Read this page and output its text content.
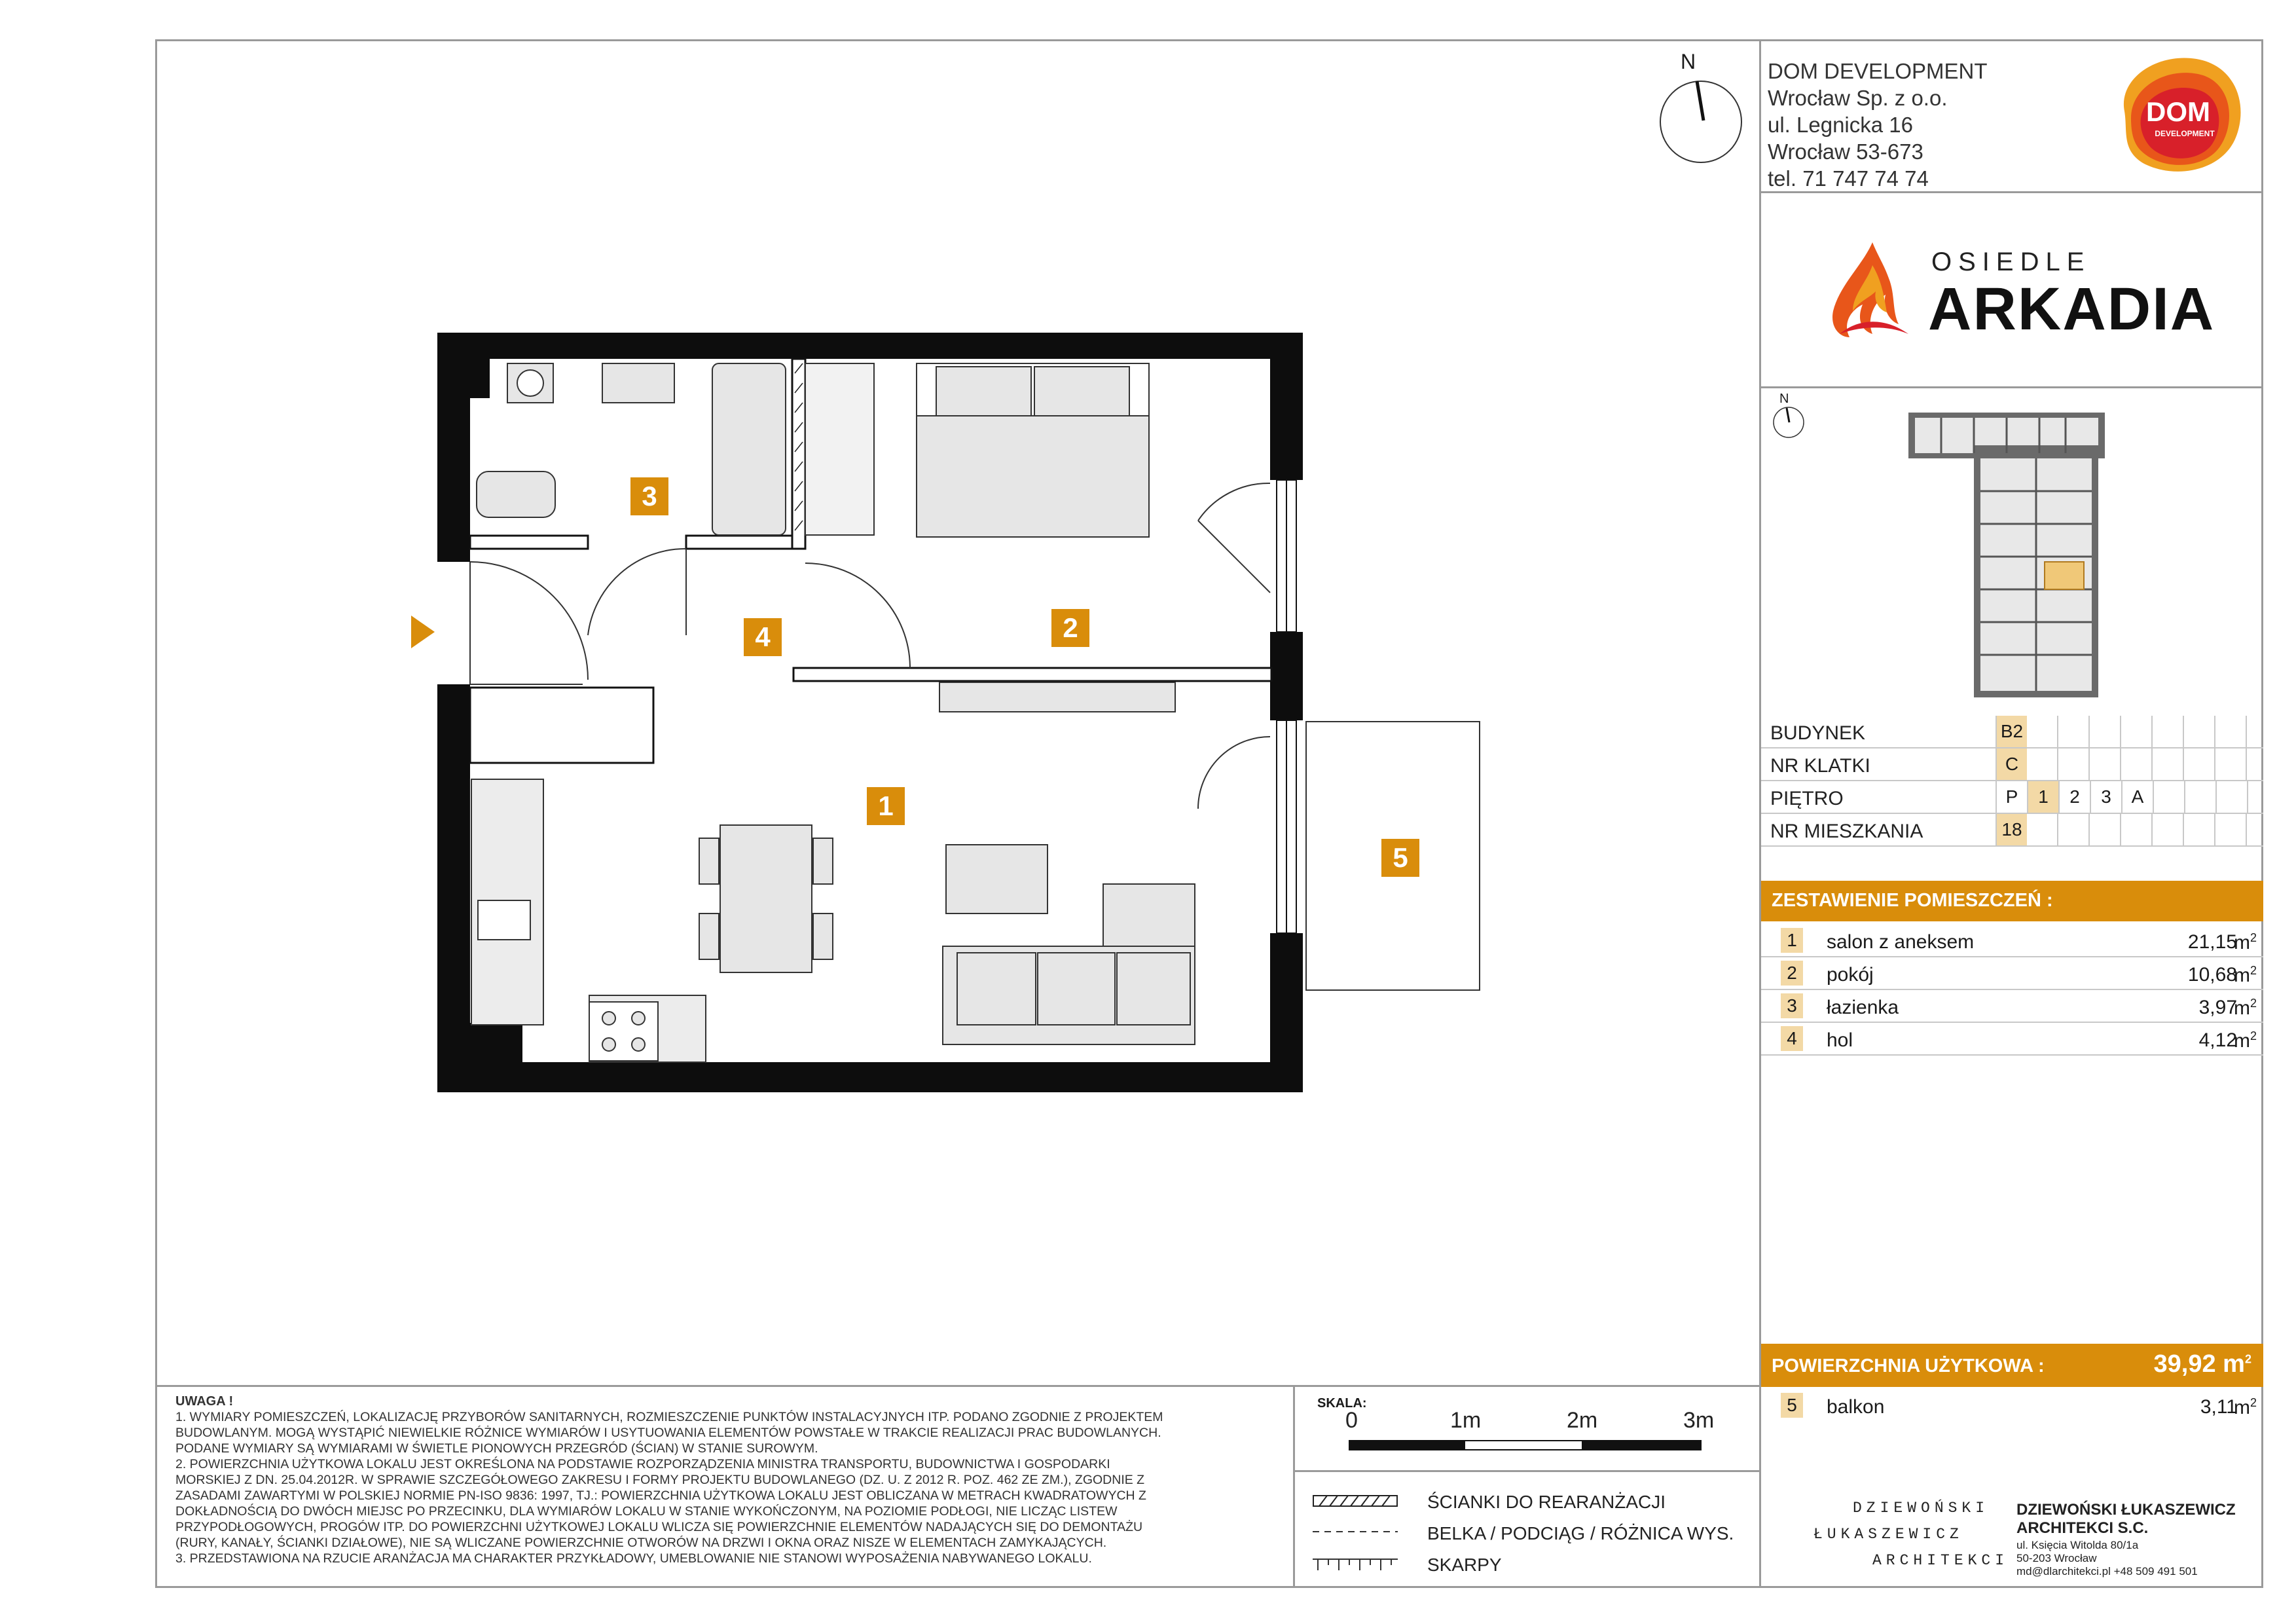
DOM DEVELOPMENT
Wrocław Sp. z o.o.
ul. Legnicka 16
Wrocław 53-673
tel. 71 747 74 74
DOM
DEVELOPMENT
OSIEDLE
ARKADIA
N
N
BUDYNEK	B2
NR KLATKI	C
PIĘTRO	P	1	2	3	A
NR MIESZKANIA	18
ZESTAWIENIE POMIESZCZEŃ :
1	salon z aneksem	21,15
$m^2$
2	pokój	10,68
$m^2$
3	łazienka	3,97
$m^2$
4	hol	4,12
$m^2$
POWIERZCHNIA UŻYTKOWA :	39,92 $m^2$
5	balkon	3,11
$m^2$
DZIEWOŃSKI
ŁUKASZEWICZ
ARCHITEKCI
DZIEWOŃSKI ŁUKASZEWICZ
ARCHITEKCI S.C.
ul. Księcia Witolda 80/1a
50-203 Wrocław
md@dlarchitekci.pl +48 509 491 501
UWAGA !
1. WYMIARY POMIESZCZEŃ, LOKALIZACJĘ PRZYBORÓW SANITARNYCH, ROZMIESZCZENIE PUNKTÓW INSTALACYJNYCH ITP. PODANO ZGODNIE Z PROJEKTEM
BUDOWLANYM. MOGĄ WYSTĄPIĆ NIEWIELKIE RÓŻNICE WYMIARÓW I USYTUOWANIA ELEMENTÓW POWSTAŁE W TRAKCIE REALIZACJI PRAC BUDOWLANYCH.
PODANE WYMIARY SĄ WYMIARAMI W ŚWIETLE PIONOWYCH PRZEGRÓD (ŚCIAN) W STANIE SUROWYM.
2. POWIERZCHNIA UŻYTKOWA LOKALU JEST OKREŚLONA NA PODSTAWIE ROZPORZĄDZENIA MINISTRA TRANSPORTU, BUDOWNICTWA I GOSPODARKI
MORSKIEJ Z DN. 25.04.2012R. W SPRAWIE SZCZEGÓŁOWEGO ZAKRESU I FORMY PROJEKTU BUDOWLANEGO (DZ. U. Z 2012 R. POZ. 462 ZE ZM.), ZGODNIE Z
ZASADAMI ZAWARTYMI W POLSKIEJ NORMIE PN-ISO 9836: 1997, TJ.: POWIERZCHNIA UŻYTKOWA LOKALU JEST OBLICZANA W METRACH KWADRATOWYCH Z
DOKŁADNOŚCIĄ DO DWÓCH MIEJSC PO PRZECINKU, DLA WYMIARÓW LOKALU W STANIE WYKOŃCZONYM, NA POZIOMIE PODŁOGI, NIE LICZĄC LISTEW
PRZYPODŁOGOWYCH, PROGÓW ITP. DO POWIERZCHNI UŻYTKOWEJ LOKALU WLICZA SIĘ POWIERZCHNIE ELEMENTÓW NADAJĄCYCH SIĘ DO DEMONTAŻU
(RURY, KANAŁY, ŚCIANKI DZIAŁOWE), NIE SĄ WLICZANE POWIERZCHNIE OTWORÓW NA DRZWI I OKNA ORAZ NISZE W ELEMENTACH ZAMYKAJĄCYCH.
3. PRZEDSTAWIONA NA RZUCIE ARANŻACJA MA CHARAKTER PRZYKŁADOWY, UMEBLOWANIE NIE STANOWI WYPOSAŻENIA NABYWANEGO LOKALU.
SKALA:
0	1m	2m	3m
ŚCIANKI DO REARANŻACJI
BELKA / PODCIĄG / RÓŻNICA WYS.
SKARPY
1
2
3
4
5
